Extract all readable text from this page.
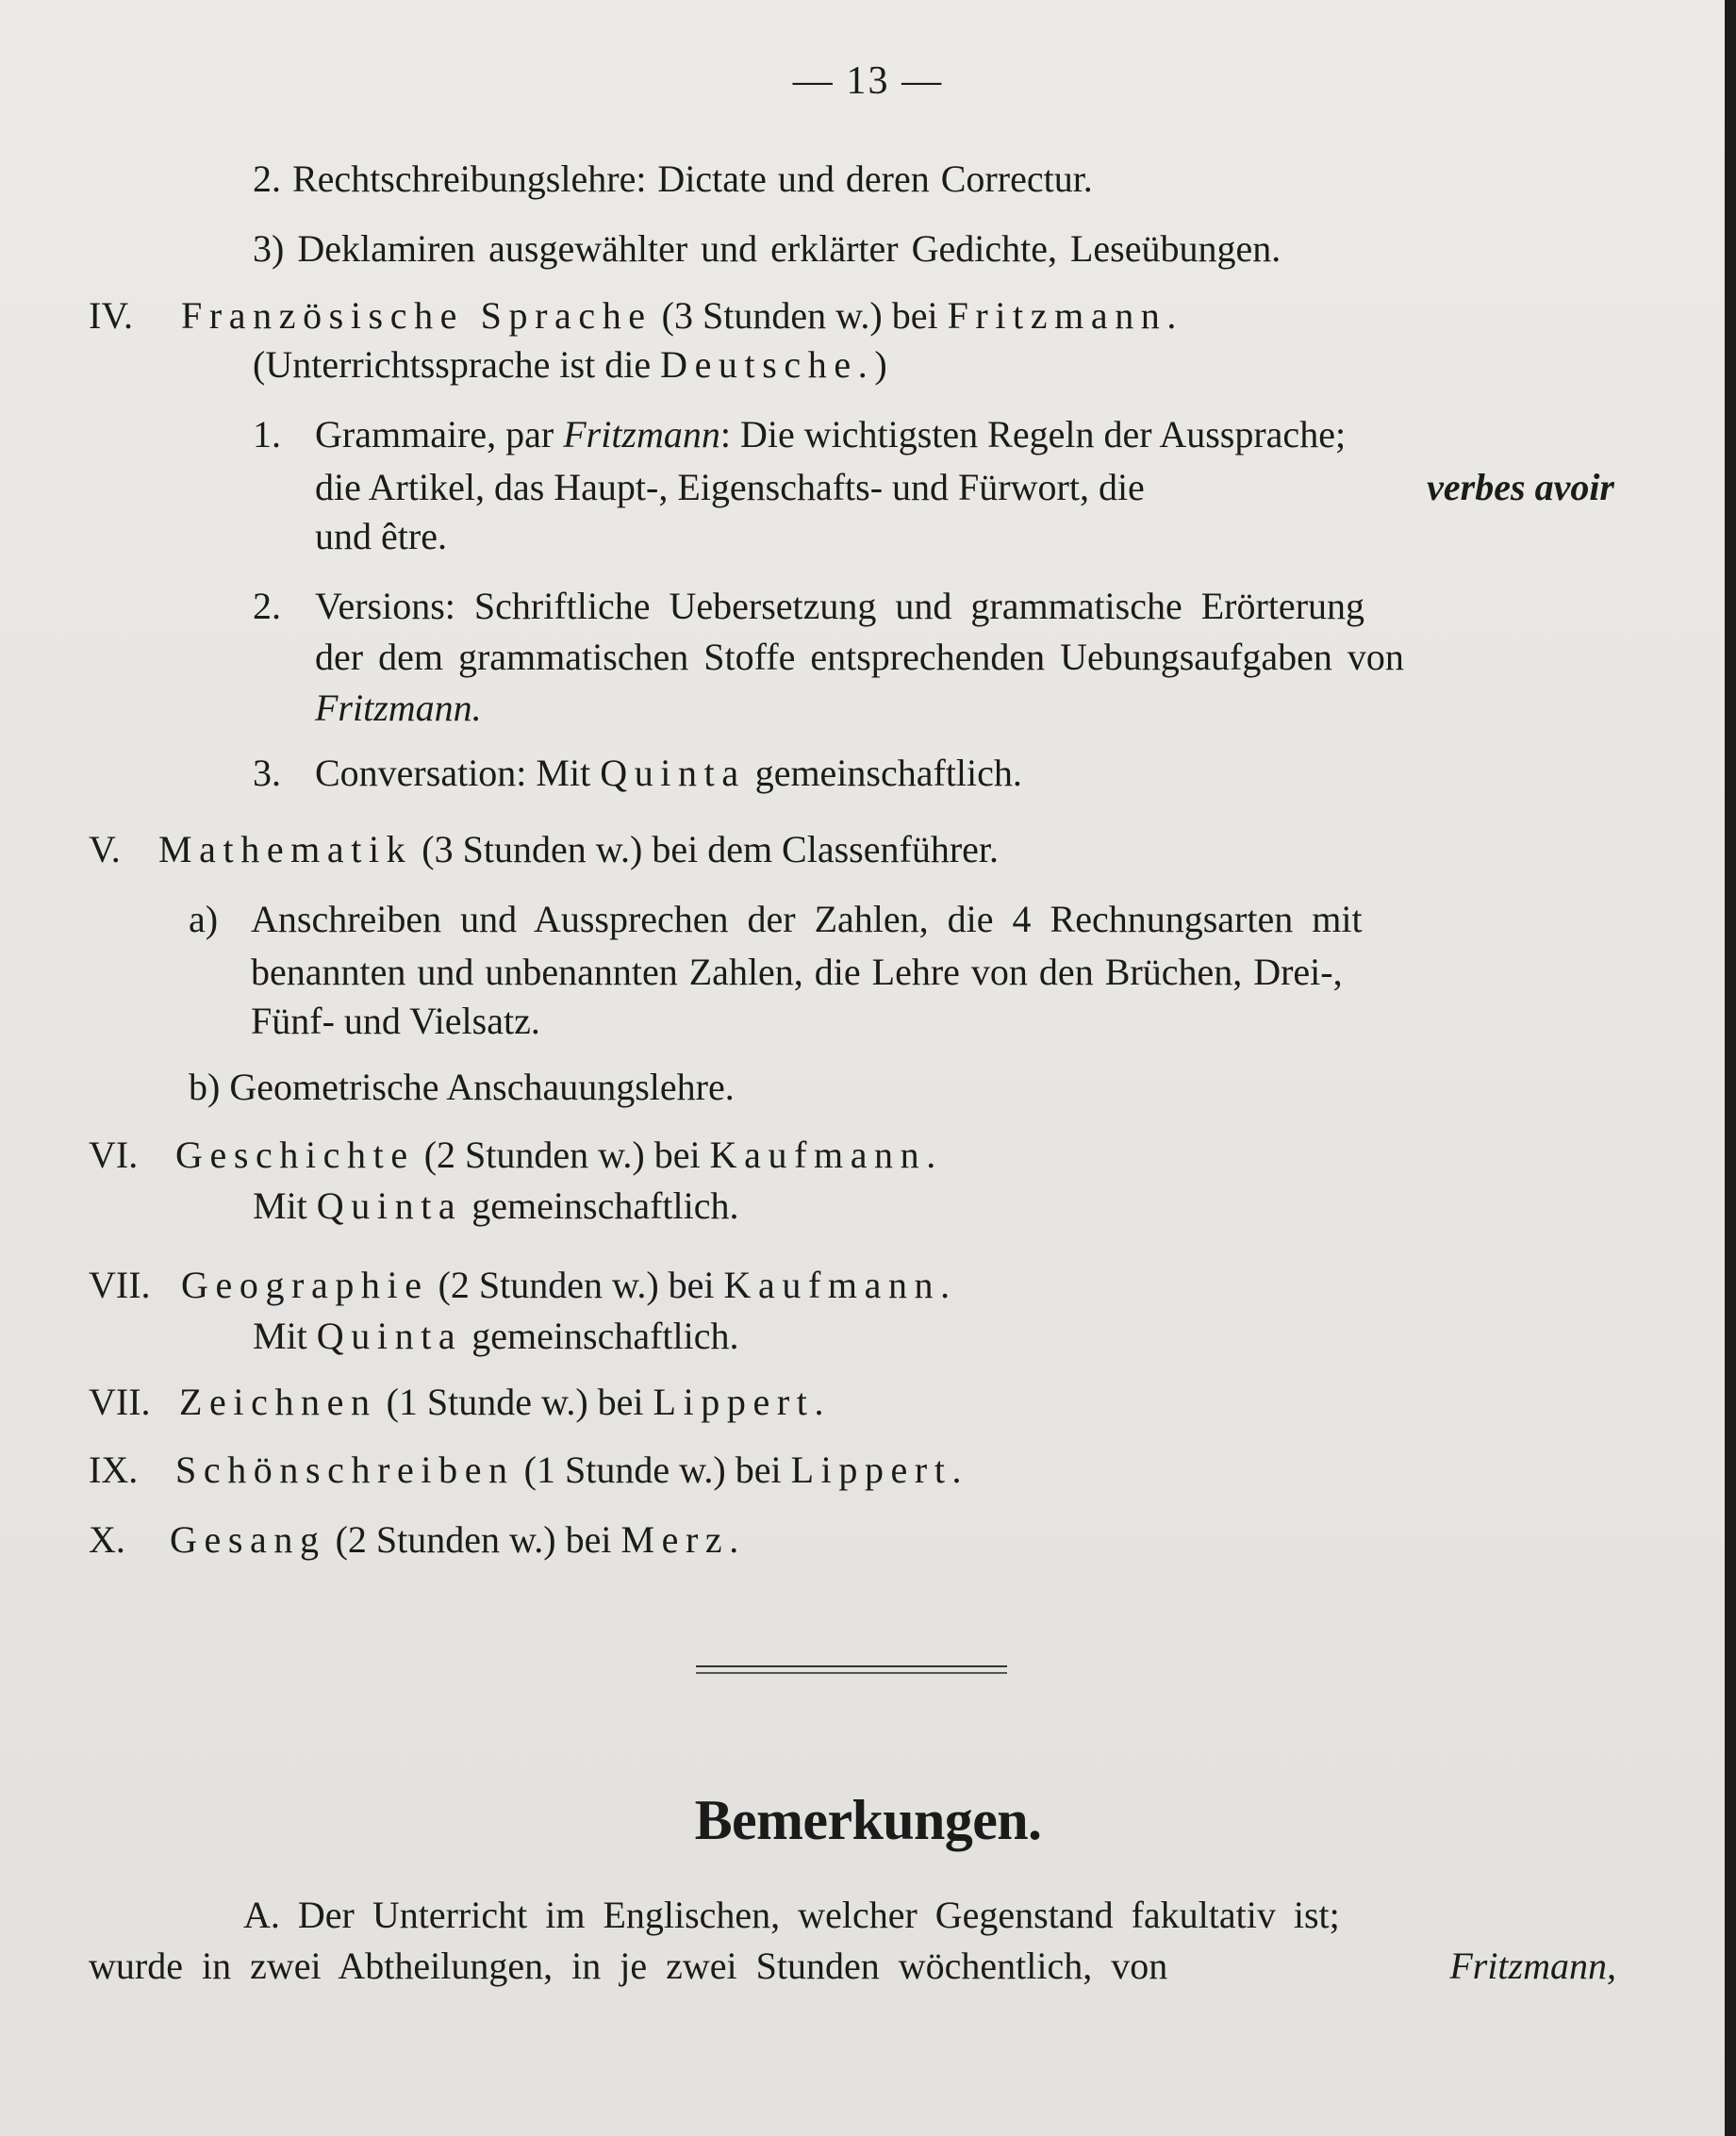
— 13 —
2. Rechtschreibungslehre: Dictate und deren Correctur.
3) Deklamiren ausgewählter und erklärter Gedichte, Leseübungen.
IV. Französische Sprache (3 Stunden w.) bei Fritzmann.
(Unterrichtssprache ist die Deutsche.)
1. Grammaire, par Fritzmann: Die wichtigsten Regeln der Aussprache;
die Artikel, das Haupt-, Eigenschafts- und Fürwort, die	verbes avoir
und être.
2. Versions: Schriftliche Uebersetzung und grammatische Erörterung
der dem grammatischen Stoffe entsprechenden Uebungsaufgaben von
Fritzmann.
3. Conversation: Mit Quinta gemeinschaftlich.
V. Mathematik (3 Stunden w.) bei dem Classenführer.
a) Anschreiben und Aussprechen der Zahlen, die 4 Rechnungsarten mit
benannten und unbenannten Zahlen, die Lehre von den Brüchen, Drei-,
Fünf- und Vielsatz.
b) Geometrische Anschauungslehre.
VI. Geschichte (2 Stunden w.) bei Kaufmann.
Mit Quinta gemeinschaftlich.
VII. Geographie (2 Stunden w.) bei Kaufmann.
Mit Quinta gemeinschaftlich.
VII. Zeichnen (1 Stunde w.) bei Lippert.
IX. Schönschreiben (1 Stunde w.) bei Lippert.
X. Gesang (2 Stunden w.) bei Merz.
Bemerkungen.
A. Der Unterricht im Englischen, welcher Gegenstand fakultativ ist;
wurde in zwei Abtheilungen, in je zwei Stunden wöchentlich, von	Fritzmann,
